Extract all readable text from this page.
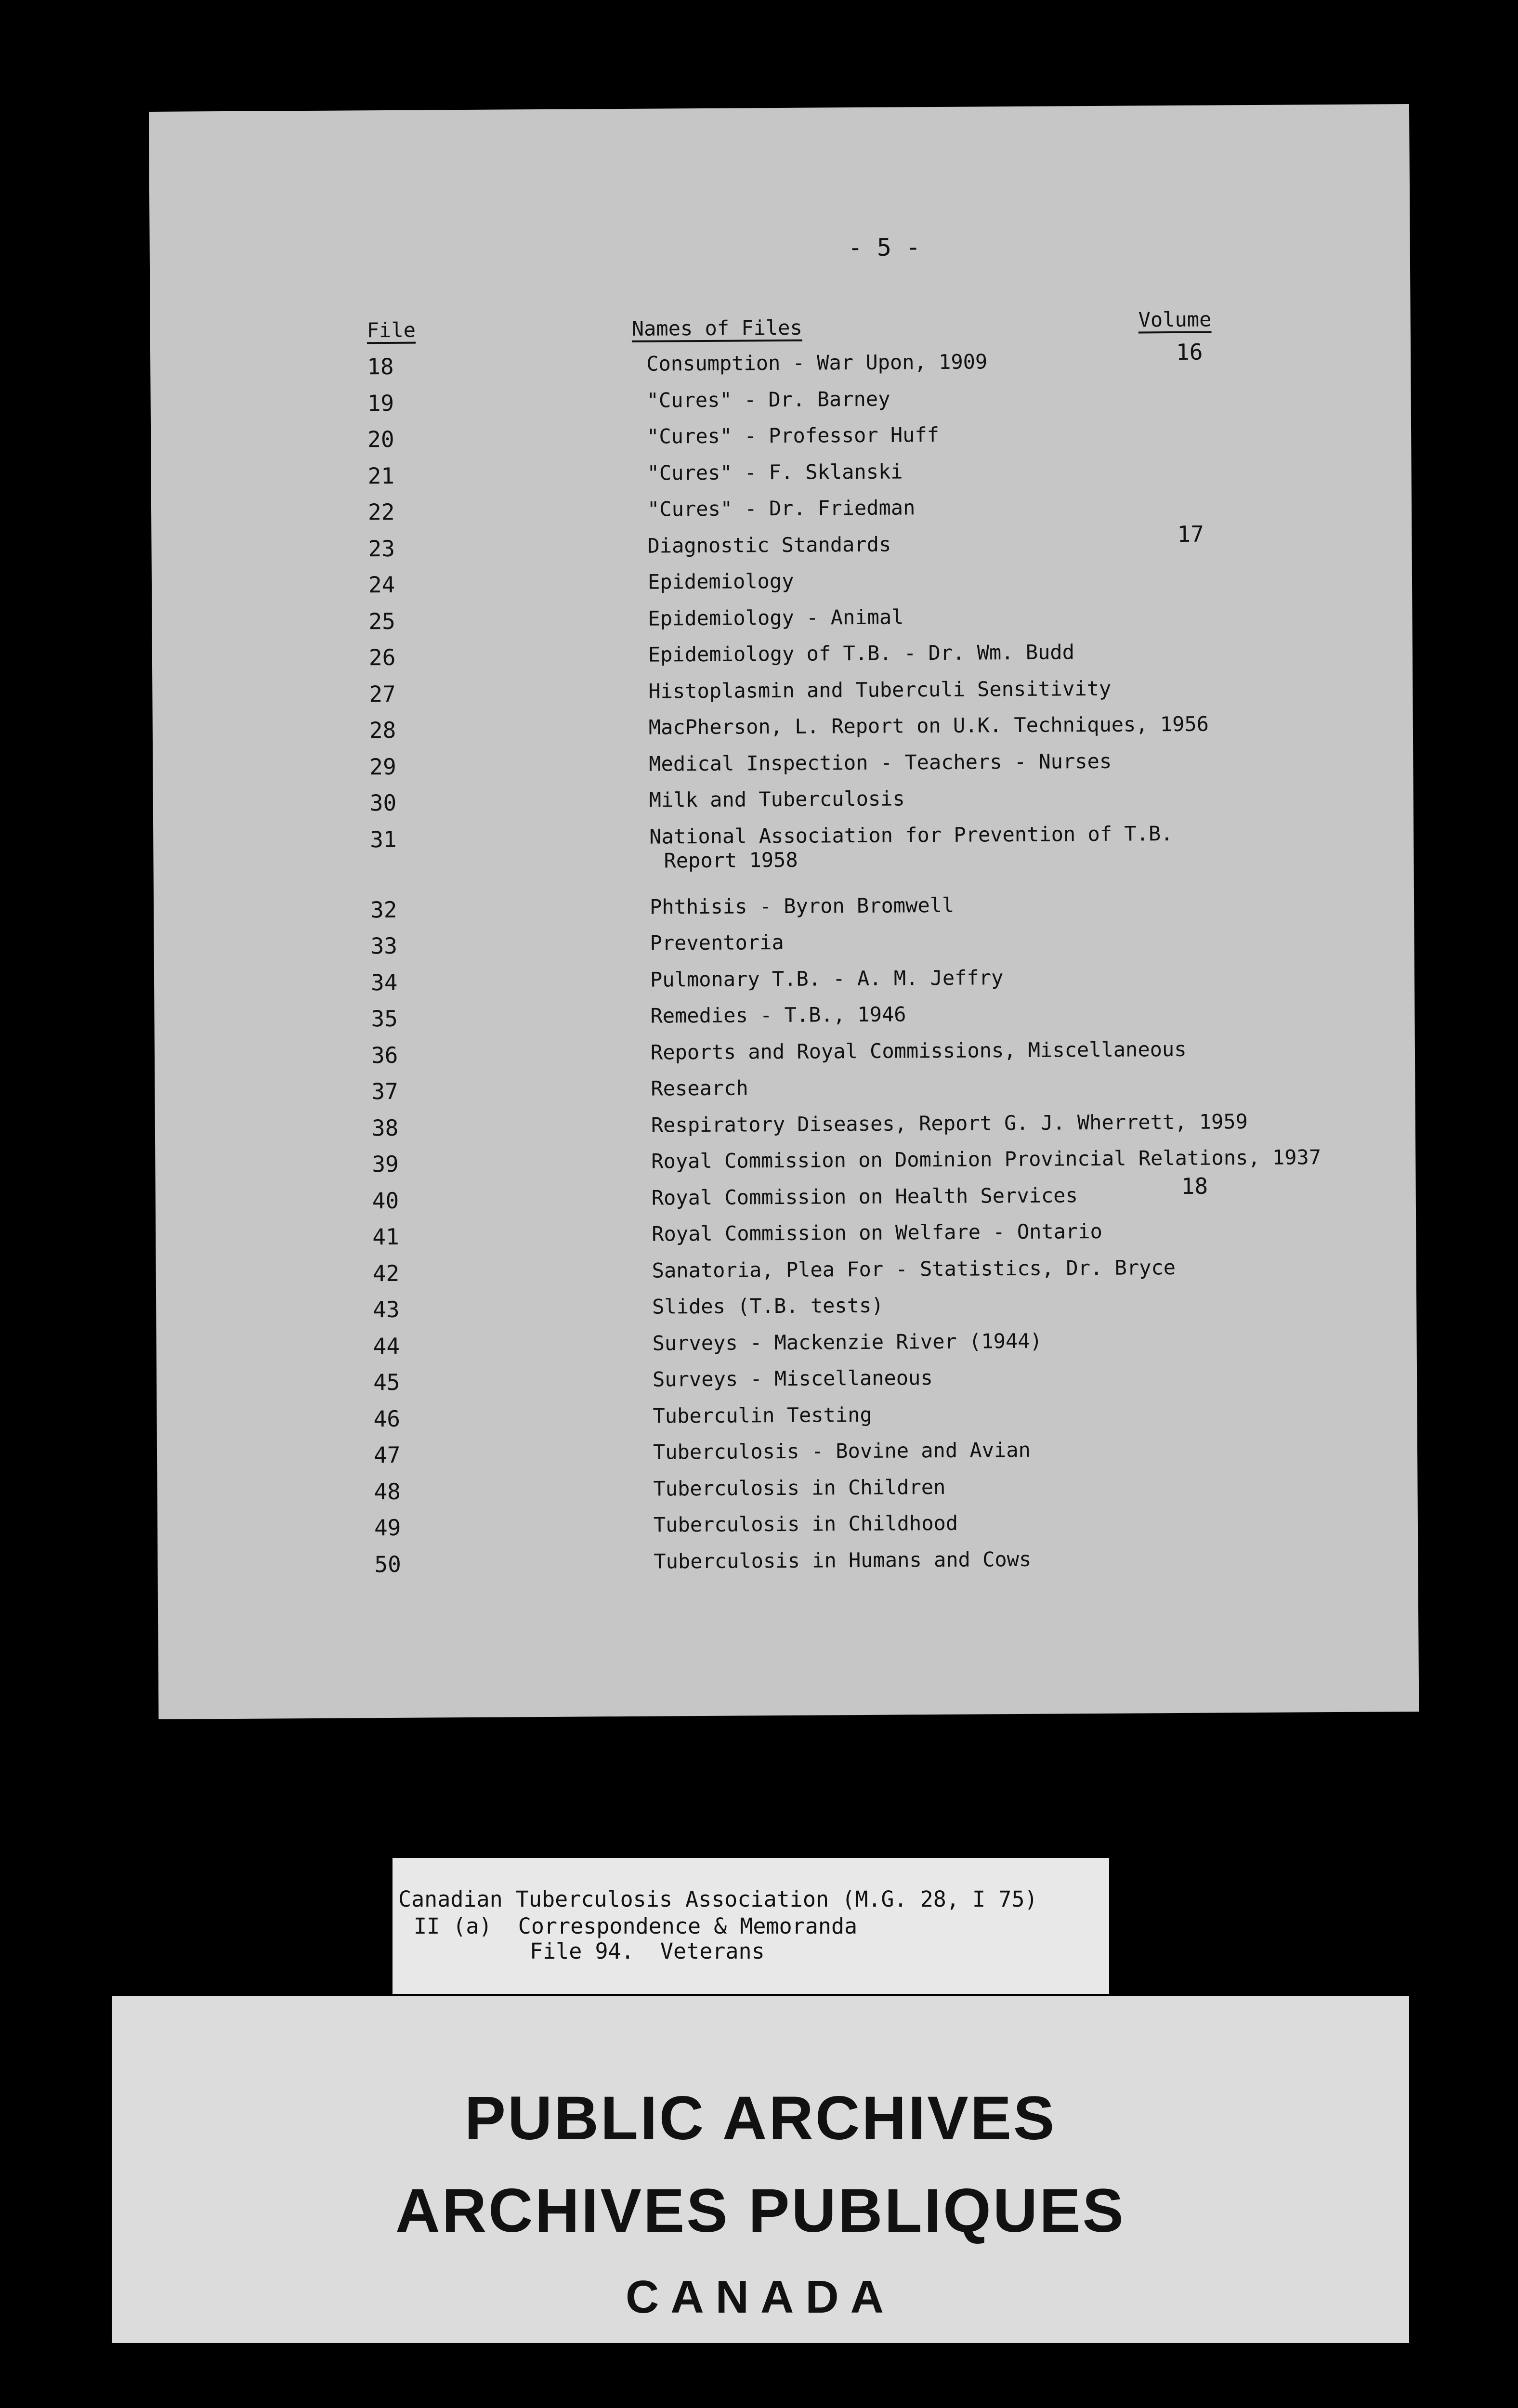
- 5 -
File	Names of Files	Volume
18	Consumption - War Upon, 1909	16
19	"Cures" - Dr. Barney
20	"Cures" - Professor Huff
21	"Cures" - F. Sklanski
22	"Cures" - Dr. Friedman
23	Diagnostic Standards	17
24	Epidemiology
25	Epidemiology - Animal
26	Epidemiology of T.B. - Dr. Wm. Budd
27	Histoplasmin and Tuberculi Sensitivity
28	MacPherson, L. Report on U.K. Techniques, 1956
29	Medical Inspection - Teachers - Nurses
30	Milk and Tuberculosis
31	National Association for Prevention of T.B.
Report 1958
32	Phthisis - Byron Bromwell
33	Preventoria
34	Pulmonary T.B. - A. M. Jeffry
35	Remedies - T.B., 1946
36	Reports and Royal Commissions, Miscellaneous
37	Research
38	Respiratory Diseases, Report G. J. Wherrett, 1959
39	Royal Commission on Dominion Provincial Relations, 1937
40	Royal Commission on Health Services	18
41	Royal Commission on Welfare - Ontario
42	Sanatoria, Plea For - Statistics, Dr. Bryce
43	Slides (T.B. tests)
44	Surveys - Mackenzie River (1944)
45	Surveys - Miscellaneous
46	Tuberculin Testing
47	Tuberculosis - Bovine and Avian
48	Tuberculosis in Children
49	Tuberculosis in Childhood
50	Tuberculosis in Humans and Cows
Canadian Tuberculosis Association (M.G. 28, I 75)
II (a)  Correspondence & Memoranda
File 94.  Veterans
PUBLIC ARCHIVES
ARCHIVES PUBLIQUES
CANADA
